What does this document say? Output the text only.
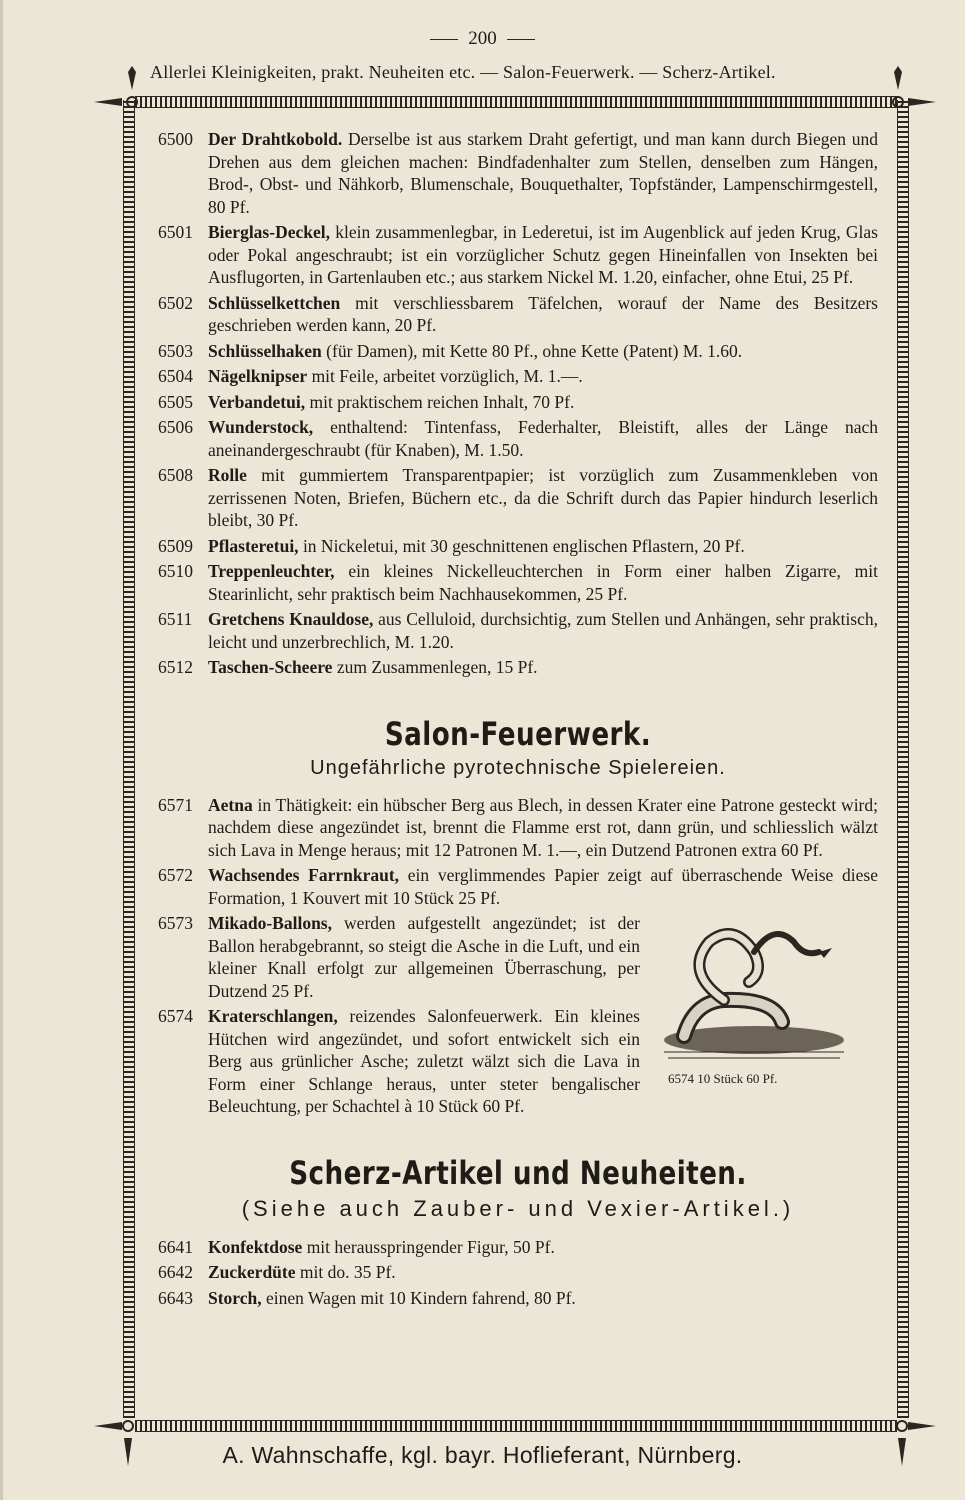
200
Allerlei Kleinigkeiten, prakt. Neuheiten etc. — Salon-Feuerwerk. — Scherz-Artikel.
6500 Der Drahtkobold. Derselbe ist aus starkem Draht gefertigt, und man kann durch Biegen und Drehen aus dem gleichen machen: Bindfadenhalter zum Stellen, denselben zum Hängen, Brod-, Obst- und Nähkorb, Blumenschale, Bouquethalter, Topfständer, Lampenschirmgestell, 80 Pf.
6501 Bierglas-Deckel, klein zusammenlegbar, in Lederetui, ist im Augenblick auf jeden Krug, Glas oder Pokal angeschraubt; ist ein vorzüglicher Schutz gegen Hineinfallen von Insekten bei Ausflugorten, in Gartenlauben etc.; aus starkem Nickel M. 1.20, einfacher, ohne Etui, 25 Pf.
6502 Schlüsselkettchen mit verschliessbarem Täfelchen, worauf der Name des Besitzers geschrieben werden kann, 20 Pf.
6503 Schlüsselhaken (für Damen), mit Kette 80 Pf., ohne Kette (Patent) M. 1.60.
6504 Nägelknipser mit Feile, arbeitet vorzüglich, M. 1.—.
6505 Verbandetui, mit praktischem reichen Inhalt, 70 Pf.
6506 Wunderstock, enthaltend: Tintenfass, Federhalter, Bleistift, alles der Länge nach aneinandergeschraubt (für Knaben), M. 1.50.
6508 Rolle mit gummiertem Transparentpapier; ist vorzüglich zum Zusammenkleben von zerrissenen Noten, Briefen, Büchern etc., da die Schrift durch das Papier hindurch leserlich bleibt, 30 Pf.
6509 Pflasteretui, in Nickeletui, mit 30 geschnittenen englischen Pflastern, 20 Pf.
6510 Treppenleuchter, ein kleines Nickelleuchterchen in Form einer halben Zigarre, mit Stearinlicht, sehr praktisch beim Nachhausekommen, 25 Pf.
6511 Gretchens Knauldose, aus Celluloid, durchsichtig, zum Stellen und Anhängen, sehr praktisch, leicht und unzerbrechlich, M. 1.20.
6512 Taschen-Scheere zum Zusammenlegen, 15 Pf.
Salon-Feuerwerk.
Ungefährliche pyrotechnische Spielereien.
6571 Aetna in Thätigkeit: ein hübscher Berg aus Blech, in dessen Krater eine Patrone gesteckt wird; nachdem diese angezündet ist, brennt die Flamme erst rot, dann grün, und schliesslich wälzt sich Lava in Menge heraus; mit 12 Patronen M. 1.—, ein Dutzend Patronen extra 60 Pf.
6572 Wachsendes Farrnkraut, ein verglimmendes Papier zeigt auf überraschende Weise diese Formation, 1 Kouvert mit 10 Stück 25 Pf.
6573 Mikado-Ballons, werden aufgestellt angezündet; ist der Ballon herabgebrannt, so steigt die Asche in die Luft, und ein kleiner Knall erfolgt zur allgemeinen Überraschung, per Dutzend 25 Pf.
6574 Kraterschlangen, reizendes Salonfeuerwerk. Ein kleines Hütchen wird angezündet, und sofort entwickelt sich ein Berg aus grünlicher Asche; zuletzt wälzt sich die Lava in Form einer Schlange heraus, unter steter bengalischer Beleuchtung, per Schachtel à 10 Stück 60 Pf.
6574 10 Stück 60 Pf.
Scherz-Artikel und Neuheiten.
(Siehe auch Zauber- und Vexier-Artikel.)
6641 Konfektdose mit herausspringender Figur, 50 Pf.
6642 Zuckerdüte mit do. 35 Pf.
6643 Storch, einen Wagen mit 10 Kindern fahrend, 80 Pf.
A. Wahnschaffe, kgl. bayr. Hoflieferant, Nürnberg.
